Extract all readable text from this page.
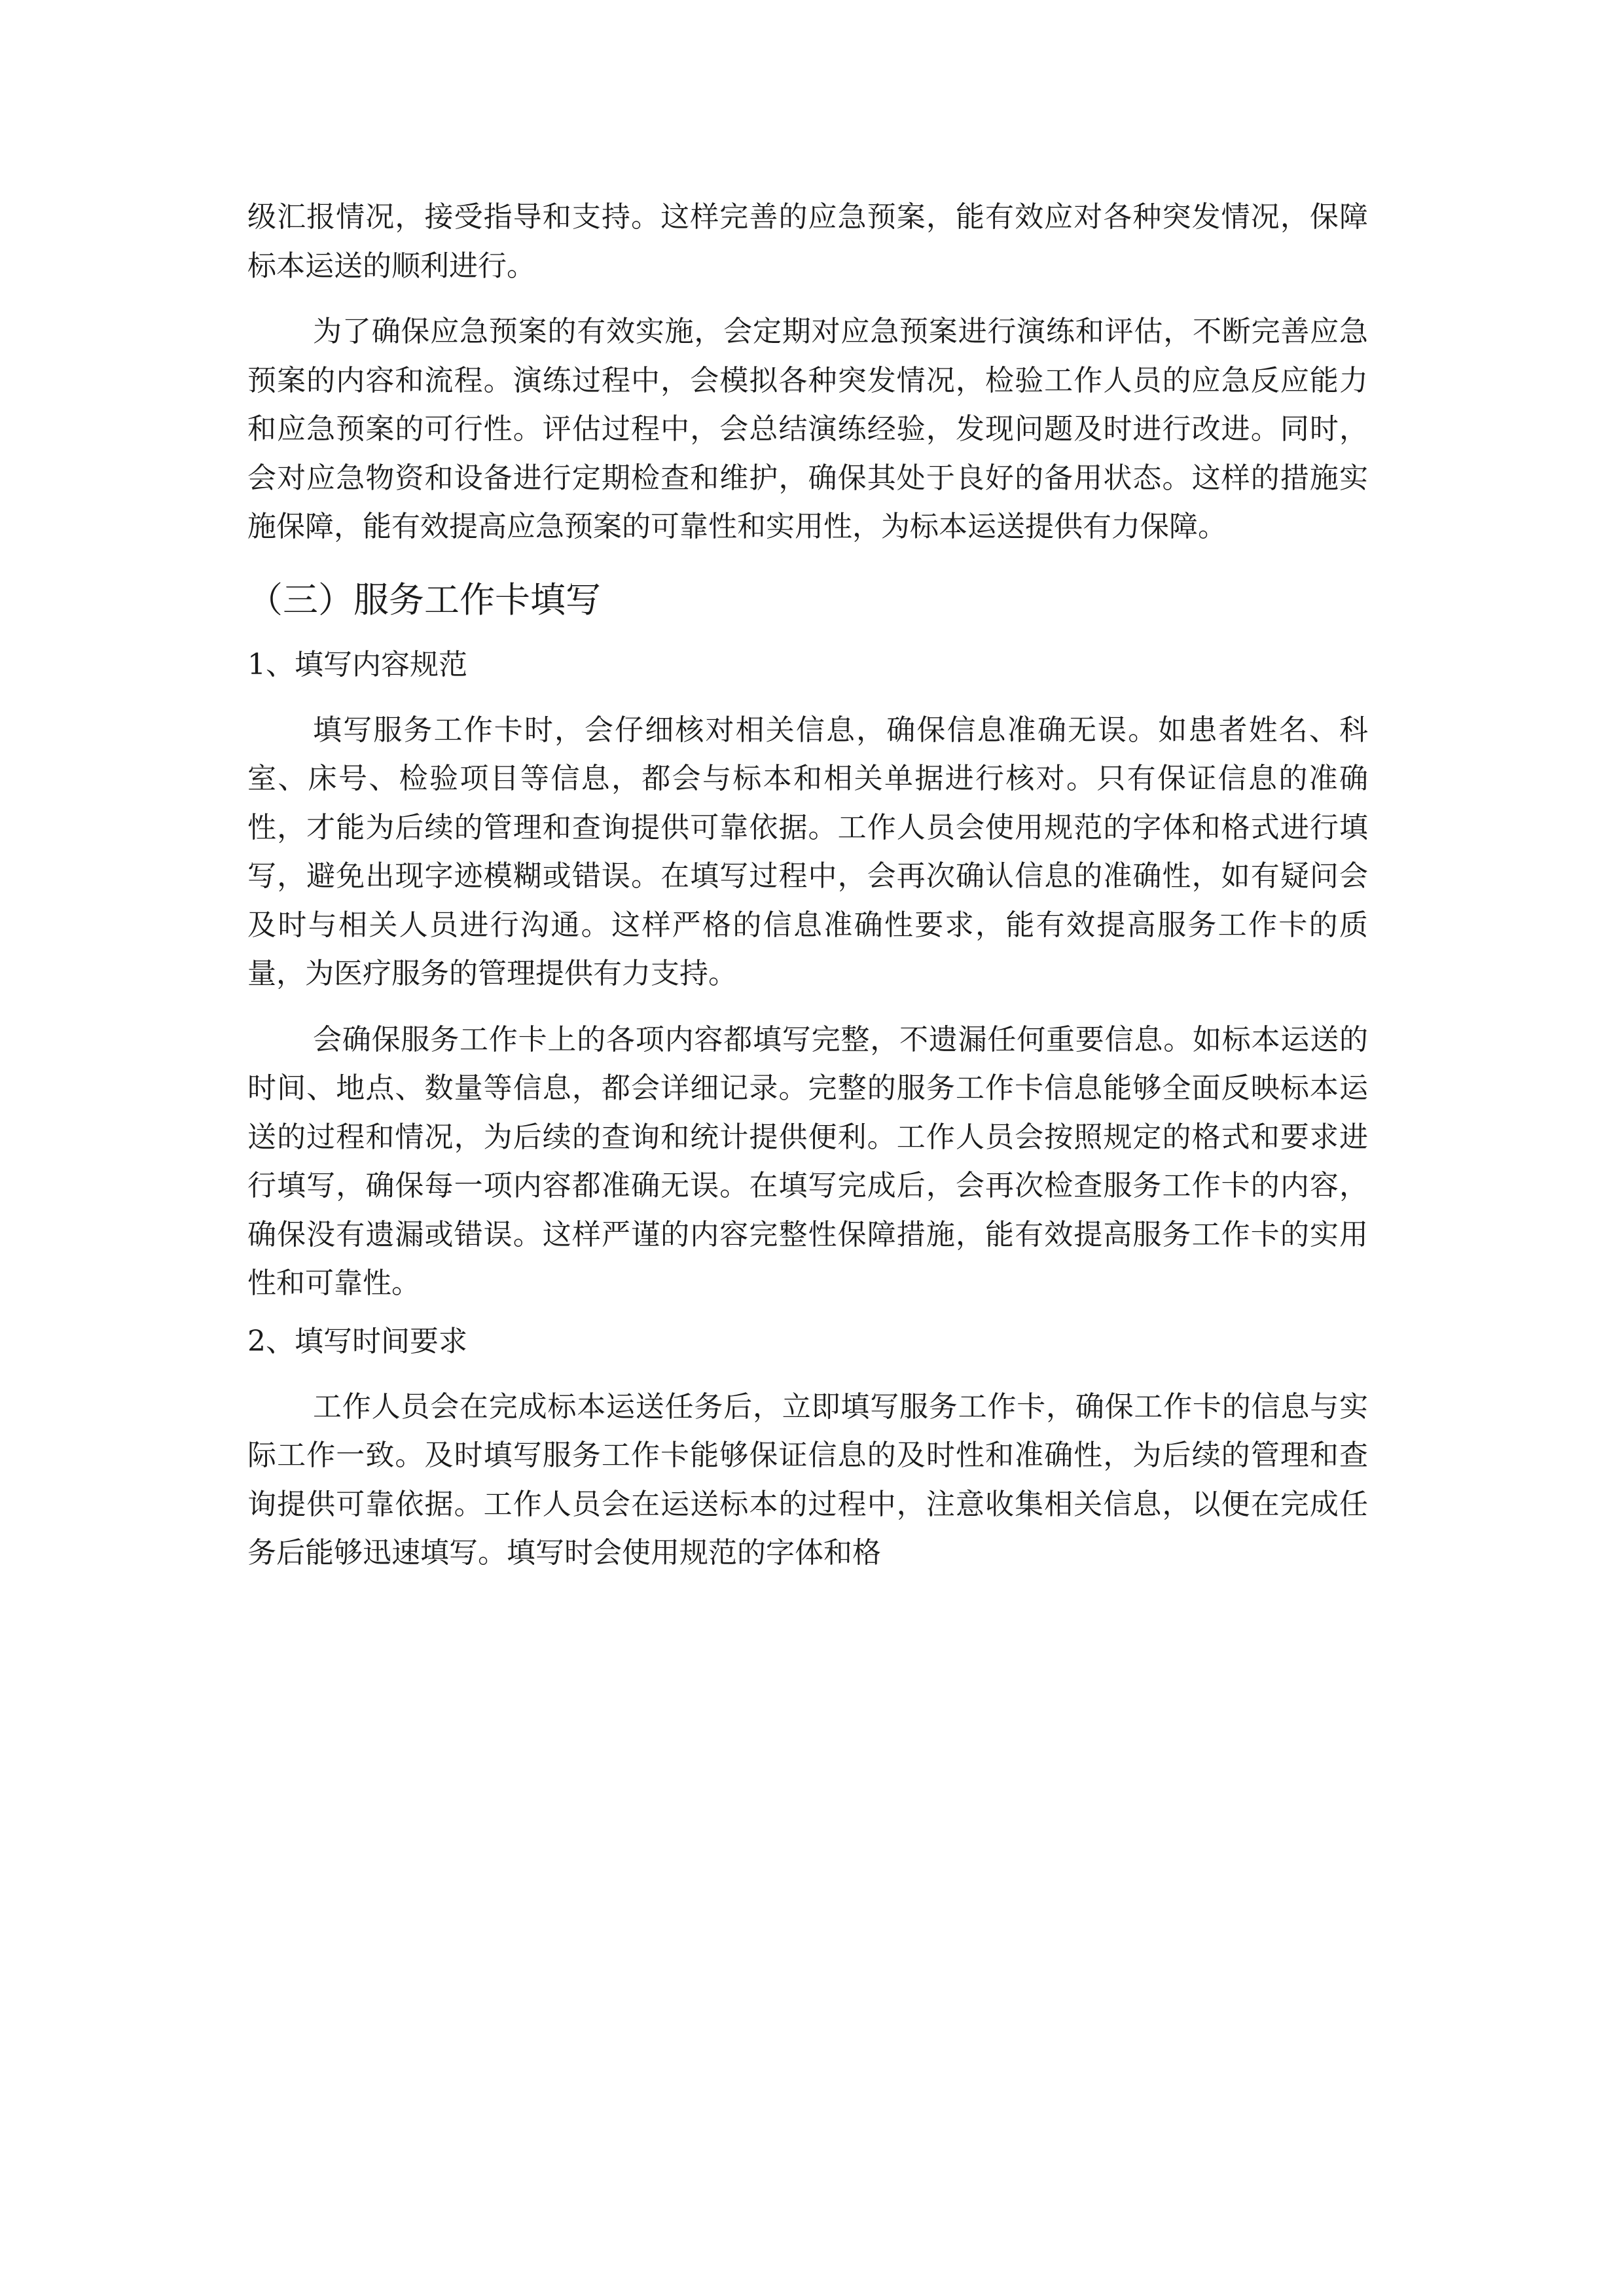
级汇报情况，接受指导和支持。这样完善的应急预案，能有效应对各种突发情况，保障标本运送的顺利进行。

为了确保应急预案的有效实施，会定期对应急预案进行演练和评估，不断完善应急预案的内容和流程。演练过程中，会模拟各种突发情况，检验工作人员的应急反应能力和应急预案的可行性。评估过程中，会总结演练经验，发现问题及时进行改进。同时，会对应急物资和设备进行定期检查和维护，确保其处于良好的备用状态。这样的措施实施保障，能有效提高应急预案的可靠性和实用性，为标本运送提供有力保障。

（三）服务工作卡填写
1、填写内容规范

填写服务工作卡时，会仔细核对相关信息，确保信息准确无误。如患者姓名、科室、床号、检验项目等信息，都会与标本和相关单据进行核对。只有保证信息的准确性，才能为后续的管理和查询提供可靠依据。工作人员会使用规范的字体和格式进行填写，避免出现字迹模糊或错误。在填写过程中，会再次确认信息的准确性，如有疑问会及时与相关人员进行沟通。这样严格的信息准确性要求，能有效提高服务工作卡的质量，为医疗服务的管理提供有力支持。

会确保服务工作卡上的各项内容都填写完整，不遗漏任何重要信息。如标本运送的时间、地点、数量等信息，都会详细记录。完整的服务工作卡信息能够全面反映标本运送的过程和情况，为后续的查询和统计提供便利。工作人员会按照规定的格式和要求进行填写，确保每一项内容都准确无误。在填写完成后，会再次检查服务工作卡的内容，确保没有遗漏或错误。这样严谨的内容完整性保障措施，能有效提高服务工作卡的实用性和可靠性。

2、填写时间要求

工作人员会在完成标本运送任务后，立即填写服务工作卡，确保工作卡的信息与实际工作一致。及时填写服务工作卡能够保证信息的及时性和准确性，为后续的管理和查询提供可靠依据。工作人员会在运送标本的过程中，注意收集相关信息，以便在完成任务后能够迅速填写。填写时会使用规范的字体和格
